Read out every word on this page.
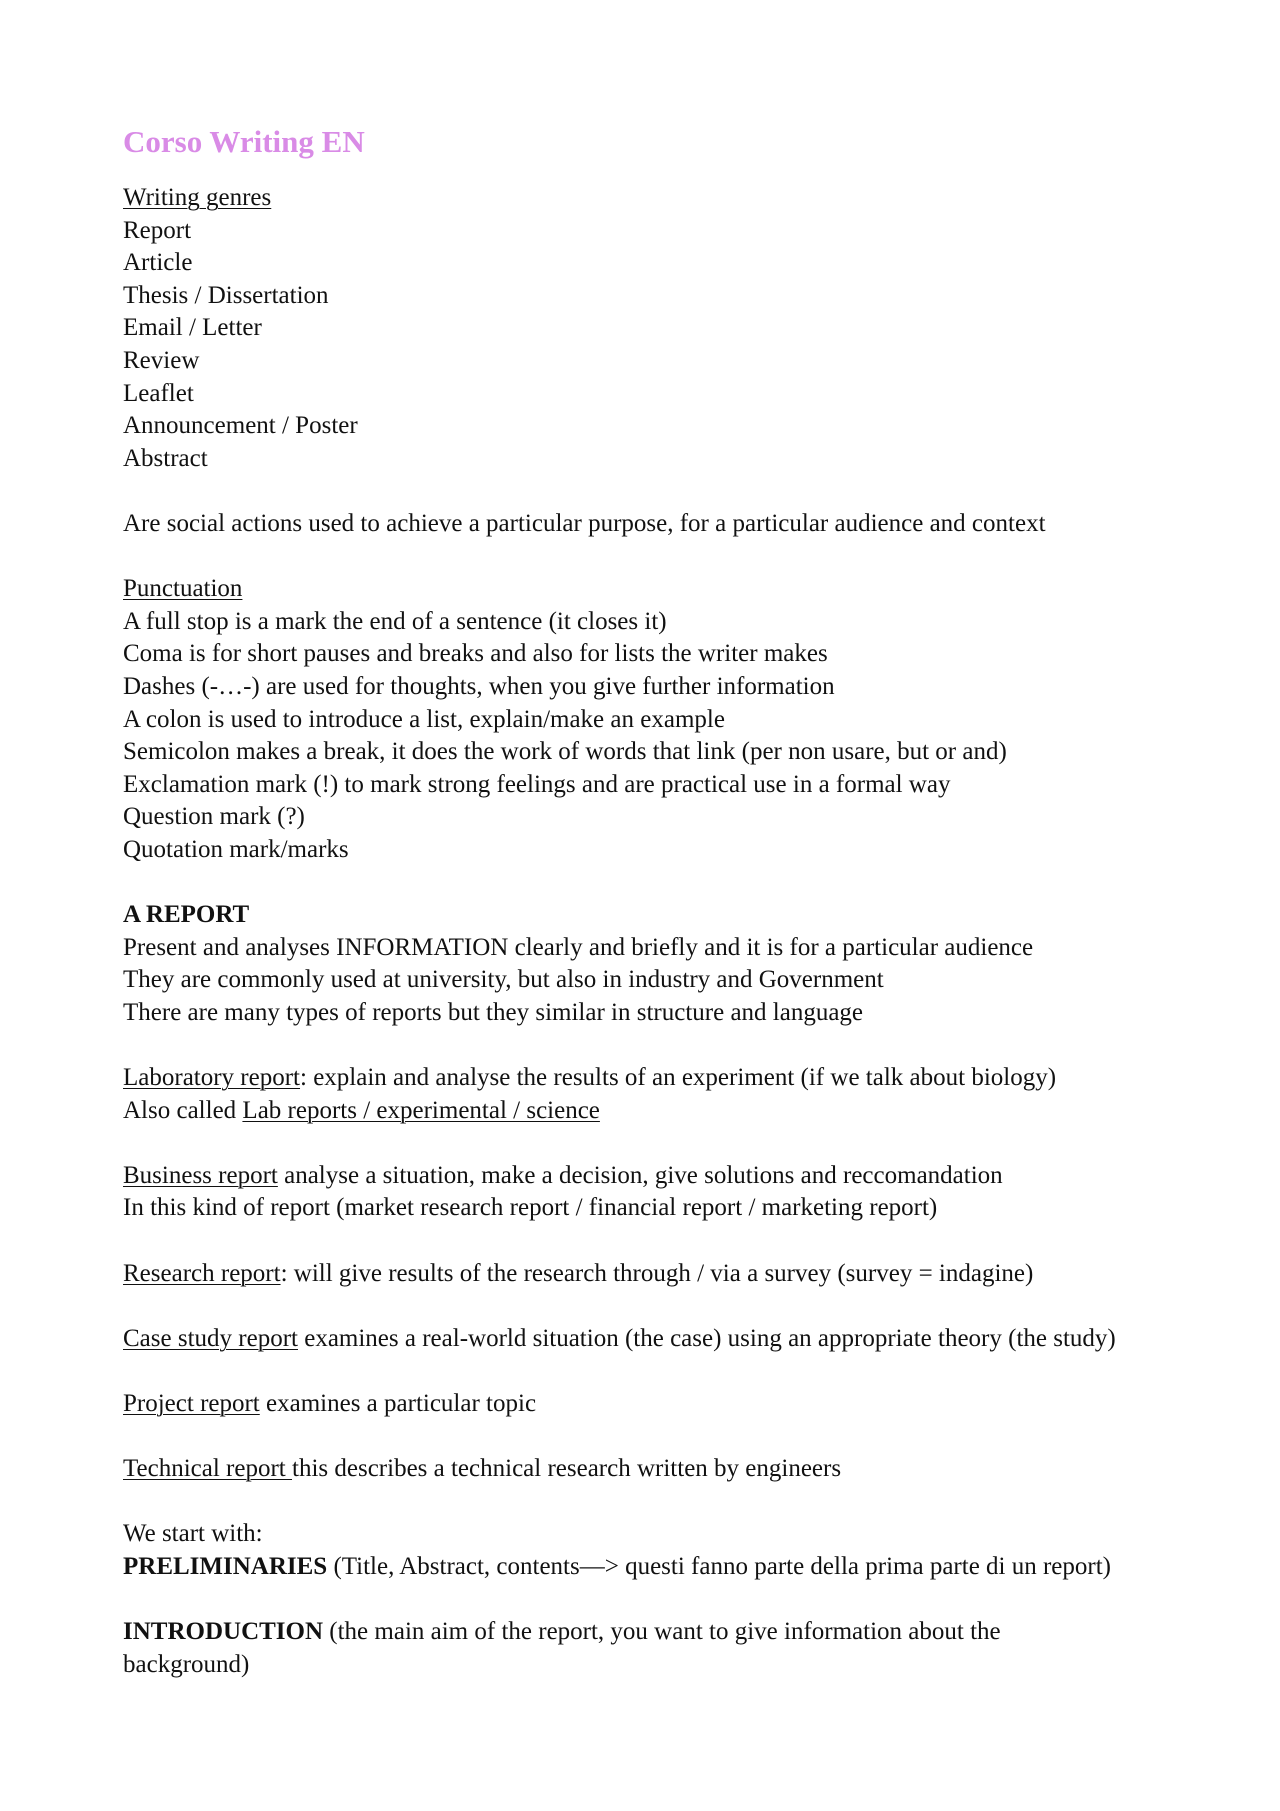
Corso Writing EN
Writing genres
Report
Article
Thesis / Dissertation
Email / Letter
Review
Leaflet
Announcement / Poster
Abstract
Are social actions used to achieve a particular purpose, for a particular audience and context
Punctuation
A full stop is a mark the end of a sentence (it closes it)
Coma is for short pauses and breaks and also for lists the writer makes
Dashes (-…-) are used for thoughts, when you give further information
A colon is used to introduce a list, explain/make an example
Semicolon makes a break, it does the work of words that link (per non usare, but or and)
Exclamation mark (!) to mark strong feelings and are practical use in a formal way
Question mark (?)
Quotation mark/marks
A REPORT
Present and analyses INFORMATION clearly and briefly and it is for a particular audience
They are commonly used at university, but also in industry and Government
There are many types of reports but they similar in structure and language
Laboratory report: explain and analyse the results of an experiment (if we talk about biology)
Also called Lab reports / experimental / science
Business report analyse a situation, make a decision, give solutions and reccomandation
In this kind of report (market research report / financial report / marketing report)
Research report: will give results of the research through / via a survey (survey = indagine)
Case study report examines a real-world situation (the case) using an appropriate theory (the study)
Project report examines a particular topic
Technical report this describes a technical research written by engineers
We start with:
PRELIMINARIES (Title, Abstract, contents—> questi fanno parte della prima parte di un report)
INTRODUCTION (the main aim of the report, you want to give information about the background)
